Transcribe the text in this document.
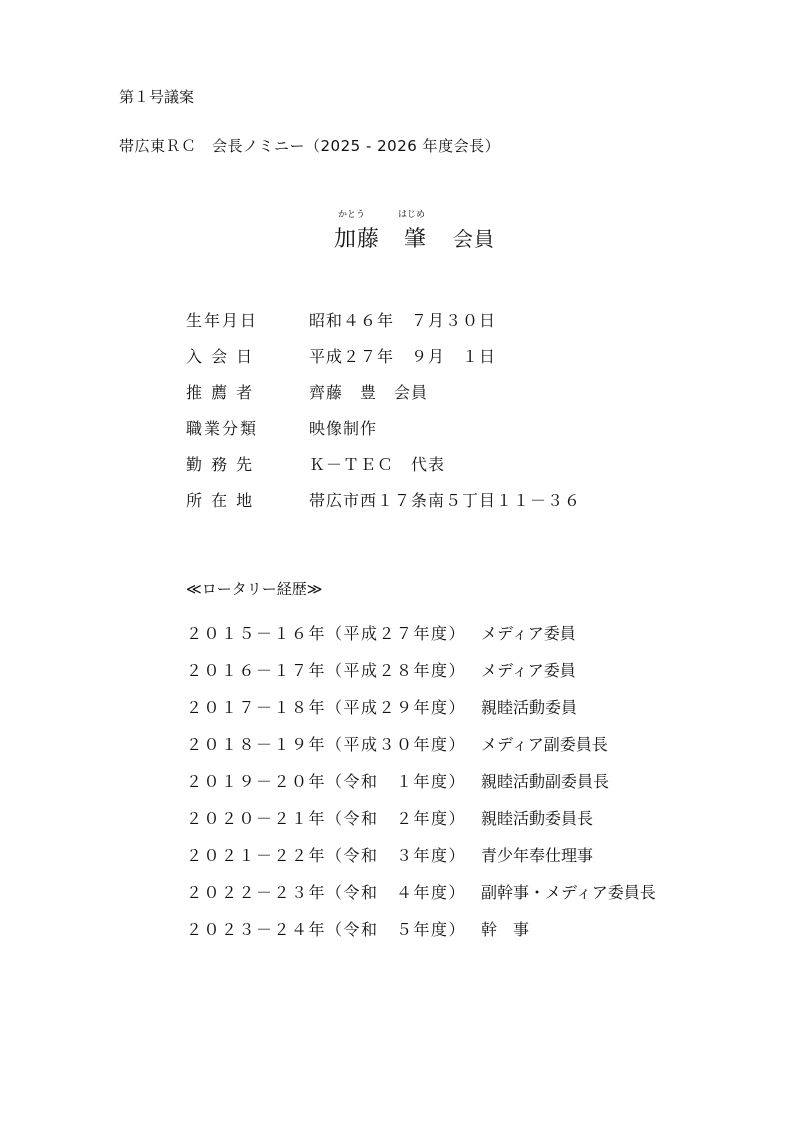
第１号議案
帯広東ＲＣ　会長ノミニー（2025 - 2026 年度会長）
かとう	はじめ
加藤 肇 会員
生年月日	昭和４６年　７月３０日
入 会 日	平成２７年　９月　１日
推 薦 者	齊藤　豊　会員
職業分類	映像制作
勤 務 先	Ｋ－ＴＥＣ　代表
所 在 地	帯広市西１７条南５丁目１１－３６
≪ロータリー経歴≫
２０１５－１６年（平成２７年度） メディア委員
２０１６－１７年（平成２８年度） メディア委員
２０１７－１８年（平成２９年度） 親睦活動委員
２０１８－１９年（平成３０年度） メディア副委員長
２０１９－２０年（令和　１年度） 親睦活動副委員長
２０２０－２１年（令和　２年度） 親睦活動委員長
２０２１－２２年（令和　３年度） 青少年奉仕理事
２０２２－２３年（令和　４年度） 副幹事・メディア委員長
２０２３－２４年（令和　５年度） 幹　事
